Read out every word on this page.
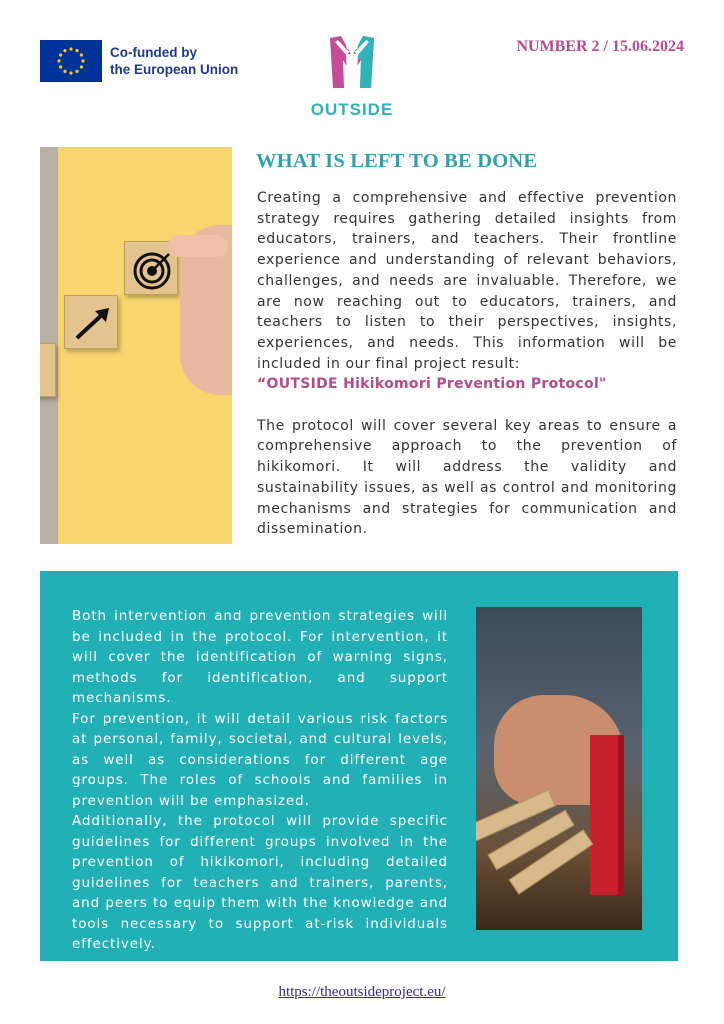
Co-funded by
the European Union
OUTSIDE
NUMBER 2 / 15.06.2024
WHAT IS LEFT TO BE DONE

Creating a comprehensive and effective prevention strategy requires gathering detailed insights from educators, trainers, and teachers. Their frontline experience and understanding of relevant behaviors, challenges, and needs are invaluable. Therefore, we are now reaching out to educators, trainers, and teachers to listen to their perspectives, insights, experiences, and needs. This information will be included in our final project result:
“OUTSIDE Hikikomori Prevention Protocol"

The protocol will cover several key areas to ensure a comprehensive approach to the prevention of hikikomori. It will address the validity and sustainability issues, as well as control and monitoring mechanisms and strategies for communication and dissemination.

Both intervention and prevention strategies will be included in the protocol. For intervention, it will cover the identification of warning signs, methods for identification, and support mechanisms.

For prevention, it will detail various risk factors at personal, family, societal, and cultural levels, as well as considerations for different age groups. The roles of schools and families in prevention will be emphasized.

Additionally, the protocol will provide specific guidelines for different groups involved in the prevention of hikikomori, including detailed guidelines for teachers and trainers, parents, and peers to equip them with the knowledge and tools necessary to support at-risk individuals effectively.

https://theoutsideproject.eu/
